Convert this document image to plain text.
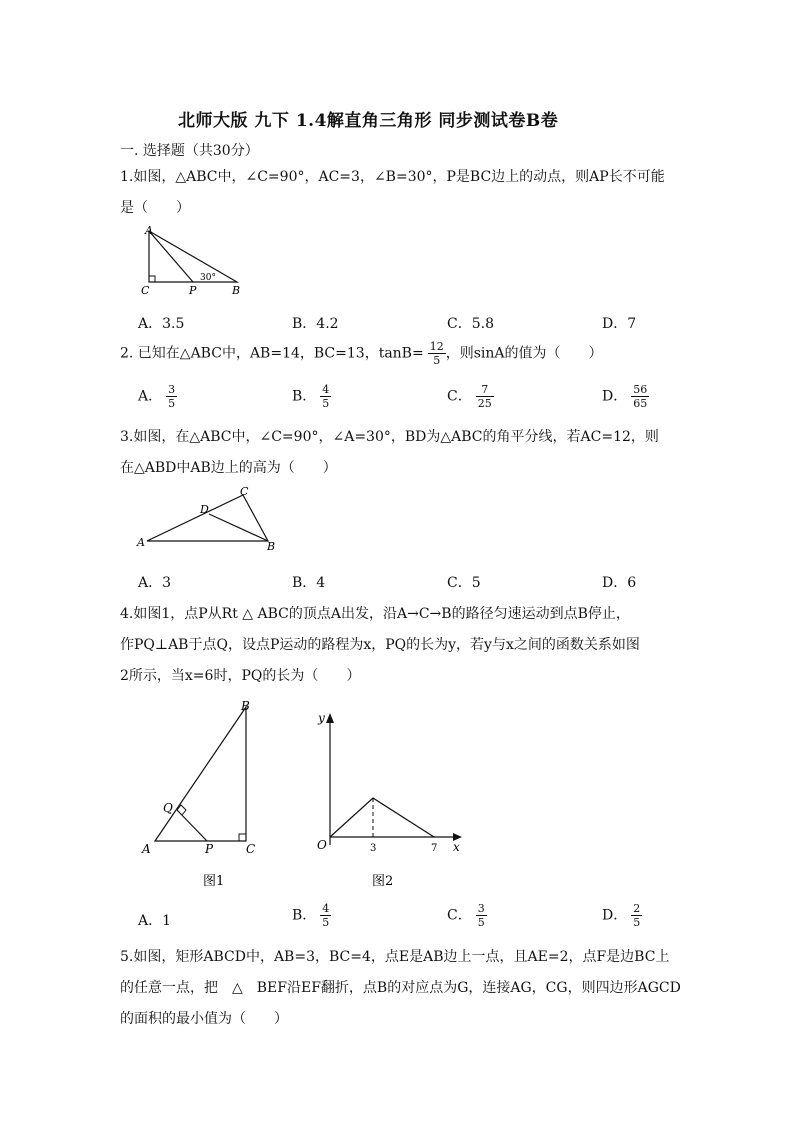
北师大版 九下 1.4解直角三角形 同步测试卷B卷
一. 选择题（共30分）
1.如图，△ABC中，∠C=90°，AC=3，∠B=30°，P是BC边上的动点，则AP长不可能
是（　　）
A
C	P	B
30°
A．3.5	B．4.2	C．5.8	D．7
2. 已知在△ABC中，AB=14，BC=13，$\tan B= \frac{12}{5}$ ，则sinA的值为（　　）
A． $\frac{3}{5}$	B． $\frac{4}{5}$	C． $\frac{7}{25}$	D． $\frac{56}{65}$
3.如图，在△ABC中，∠C=90°，∠A=30°，BD为△ABC的角平分线，若AC=12，则
在△ABD中AB边上的高为（　　）
A
D
C
B
A．3	B．4	C．5	D．6
4.如图1，点P从Rt △ ABC的顶点A出发，沿A→C→B的路径匀速运动到点B停止，
作PQ⊥AB于点Q，设点P运动的路程为x，PQ的长为y，若y与x之间的函数关系如图
2所示，当x=6时，PQ的长为（　　）
B
Q
A	P	C
图1
y
O	3	7 x
图2
A．1	B． $\frac{4}{5}$	C． $\frac{3}{5}$	D． $\frac{2}{5}$
5.如图，矩形ABCD中，AB=3，BC=4，点E是AB边上一点，且AE=2，点F是边BC上
的任意一点，把　△　BEF沿EF翻折，点B的对应点为G，连接AG，CG，则四边形AGCD
的面积的最小值为（　　）
